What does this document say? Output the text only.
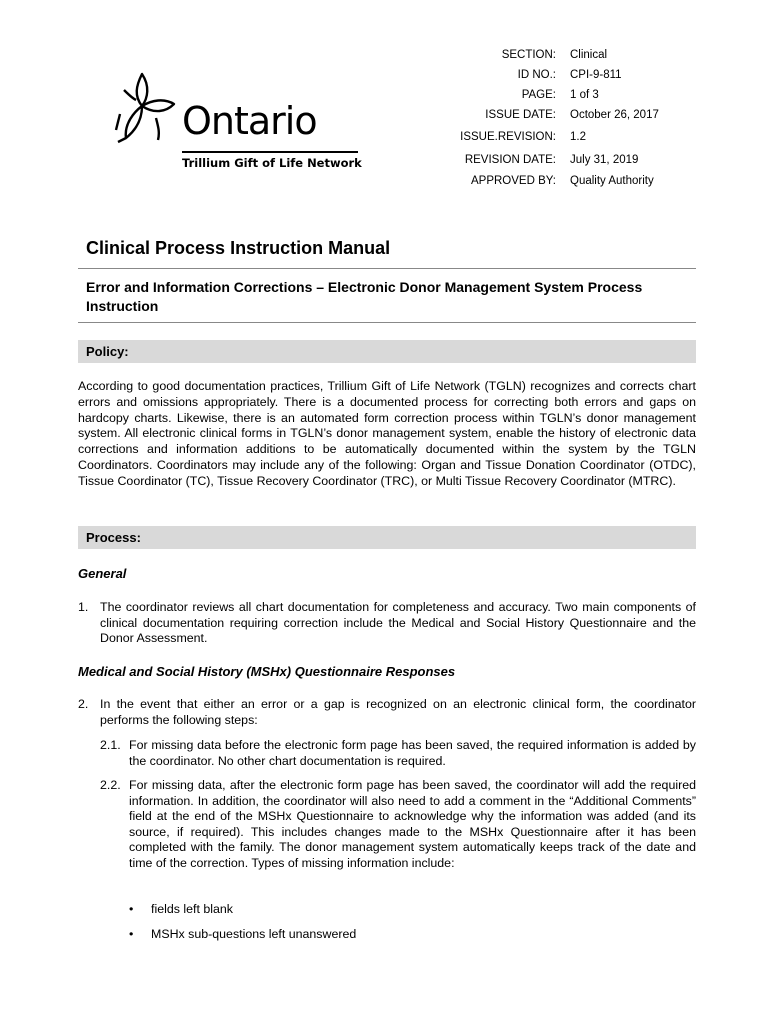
Ontario
Trillium Gift of Life Network
SECTION:	Clinical
ID NO.:	CPI-9-811
PAGE:	1 of 3
ISSUE DATE:	October 26, 2017
ISSUE.REVISION:	1.2
REVISION DATE:	July 31, 2019
APPROVED BY:	Quality Authority
Clinical Process Instruction Manual
Error and Information Corrections – Electronic Donor Management System Process Instruction
Policy:
According to good documentation practices, Trillium Gift of Life Network (TGLN) recognizes and corrects chart errors and omissions appropriately. There is a documented process for correcting both errors and gaps on hardcopy charts. Likewise, there is an automated form correction process within TGLN’s donor management system. All electronic clinical forms in TGLN’s donor management system, enable the history of electronic data corrections and information additions to be automatically documented within the system by the TGLN Coordinators. Coordinators may include any of the following: Organ and Tissue Donation Coordinator (OTDC), Tissue Coordinator (TC), Tissue Recovery Coordinator (TRC), or Multi Tissue Recovery Coordinator (MTRC).
Process:
General
1. The coordinator reviews all chart documentation for completeness and accuracy. Two main components of clinical documentation requiring correction include the Medical and Social History Questionnaire and the Donor Assessment.
Medical and Social History (MSHx) Questionnaire Responses
2. In the event that either an error or a gap is recognized on an electronic clinical form, the coordinator performs the following steps:
2.1. For missing data before the electronic form page has been saved, the required information is added by the coordinator. No other chart documentation is required.
2.2. For missing data, after the electronic form page has been saved, the coordinator will add the required information. In addition, the coordinator will also need to add a comment in the “Additional Comments” field at the end of the MSHx Questionnaire to acknowledge why the information was added (and its source, if required). This includes changes made to the MSHx Questionnaire after it has been completed with the family. The donor management system automatically keeps track of the date and time of the correction. Types of missing information include:
• fields left blank
• MSHx sub-questions left unanswered
